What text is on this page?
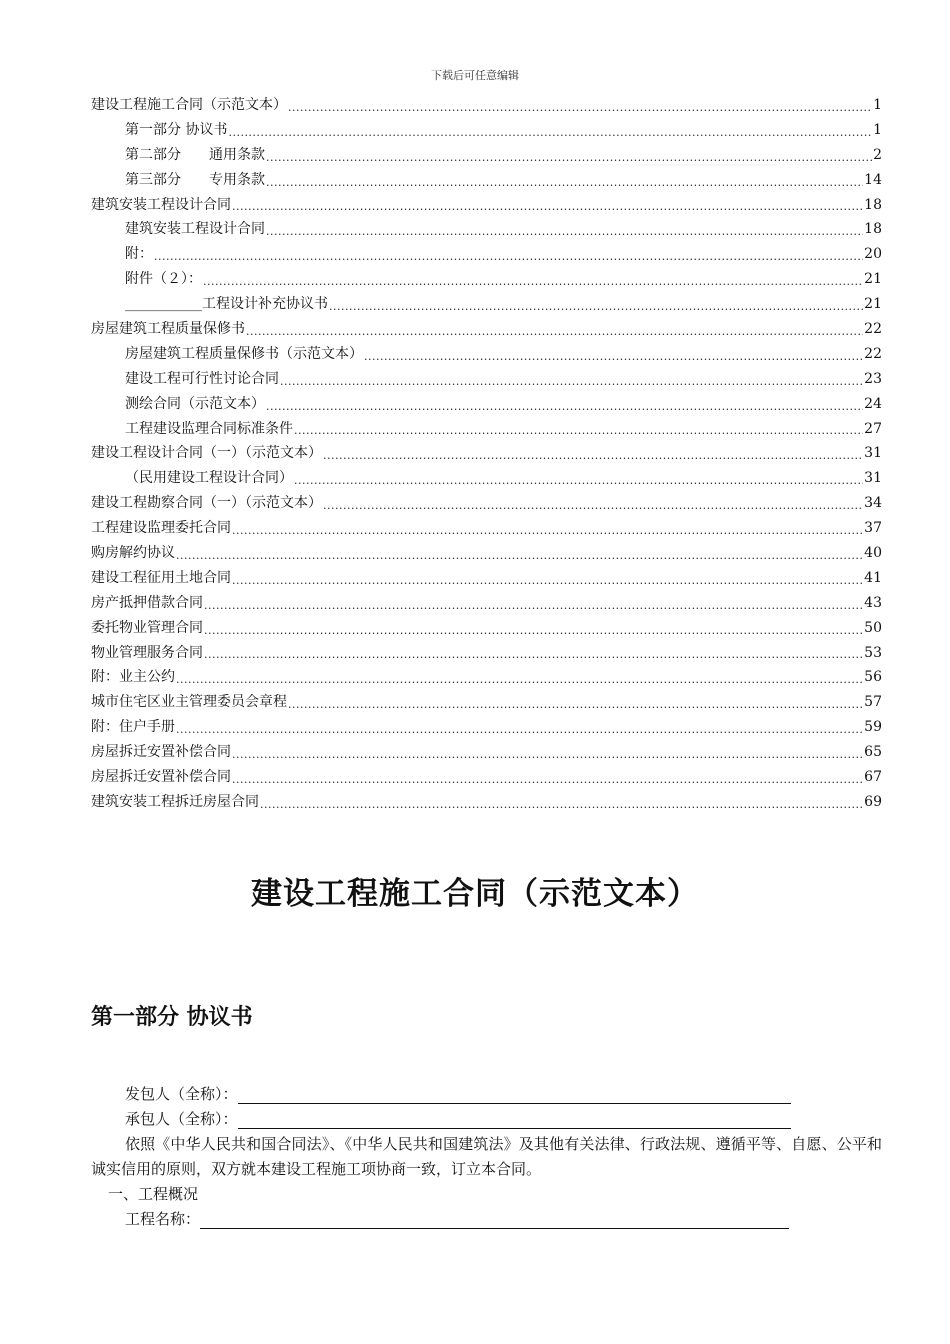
下载后可任意编辑
建设工程施工合同（示范文本） .....	1
第一部分 协议书 .....	1
第二部分　　通用条款 .....	2
第三部分　　专用条款 .....	14
建筑安装工程设计合同 .....	18
建筑安装工程设计合同 .....	18
附： .....	20
附件（２）： .....	21
___________工程设计补充协议书 .....	21
房屋建筑工程质量保修书 .....	22
房屋建筑工程质量保修书（示范文本） .....	22
建设工程可行性讨论合同 .....	23
测绘合同（示范文本） .....	24
工程建设监理合同标准条件 .....	27
建设工程设计合同（一）（示范文本） .....	31
（民用建设工程设计合同） .....	31
建设工程勘察合同（一）（示范文本） .....	34
工程建设监理委托合同 .....	37
购房解约协议 .....	40
建设工程征用土地合同 .....	41
房产抵押借款合同 .....	43
委托物业管理合同 .....	50
物业管理服务合同 .....	53
附：业主公约 .....	56
城市住宅区业主管理委员会章程 .....	57
附：住户手册 .....	59
房屋拆迁安置补偿合同 .....	65
房屋拆迁安置补偿合同 .....	67
建筑安装工程拆迁房屋合同 .....	69
建设工程施工合同（示范文本）
第一部分 协议书
发包人（全称）：
承包人（全称）：
依照《中华人民共和国合同法》、《中华人民共和国建筑法》及其他有关法律、行政法规、遵循平等、自愿、公平和诚实信用的原则，双方就本建设工程施工项协商一致，订立本合同。
一、工程概况
工程名称：
